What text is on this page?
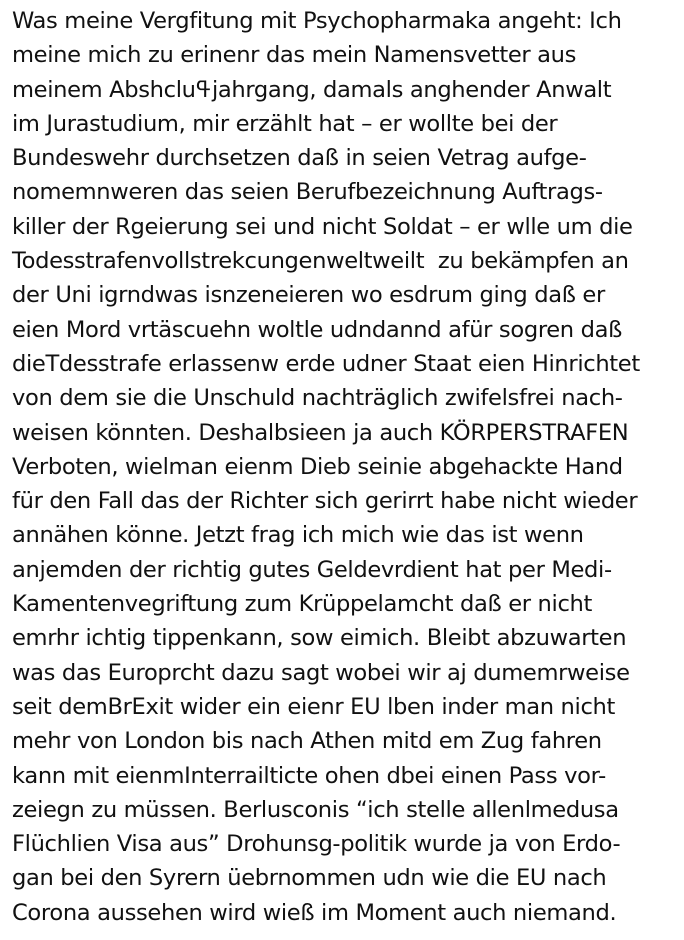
Was meine Vergfitung mit Psychopharmaka angeht: Ich
meine mich zu erinenr das mein Namensvetter aus
meinem Abshcluߟjahrgang, damals anghender Anwalt
im Jurastudium, mir erzählt hat – er wollte bei der
Bundeswehr durchsetzen daß in seien Vetrag aufge-
nomemnweren das seien Berufbezeichnung Auftrags-
killer der Rgeierung sei und nicht Soldat – er wlle um die
Todesstrafenvollstrekcungenweltweilt  zu bekämpfen an
der Uni igrndwas isnzeneieren wo esdrum ging daß er
eien Mord vrtäscuehn woltle udndannd afür sogren daß
dieTdesstrafe erlassenw erde udner Staat eien Hinrichtet
von dem sie die Unschuld nachträglich zwifelsfrei nach-
weisen könnten. Deshalbsieen ja auch KÖRPERSTRAFEN
Verboten, wielman eienm Dieb seinie abgehackte Hand
für den Fall das der Richter sich gerirrt habe nicht wieder
annähen könne. Jetzt frag ich mich wie das ist wenn
anjemden der richtig gutes Geldevrdient hat per Medi-
Kamentenvegriftung zum Krüppelamcht daß er nicht
emrhr ichtig tippenkann, sow eimich. Bleibt abzuwarten
was das Europrcht dazu sagt wobei wir aj dumemrweise
seit demBrExit wider ein eienr EU lben inder man nicht
mehr von London bis nach Athen mitd em Zug fahren
kann mit eienmInterrailticte ohen dbei einen Pass vor-
zeiegn zu müssen. Berlusconis “ich stelle allenlmedusa
Flüchlien Visa aus” Drohunsg-politik wurde ja von Erdo-
gan bei den Syrern üebrnommen udn wie die EU nach
Corona aussehen wird wieß im Moment auch niemand.
